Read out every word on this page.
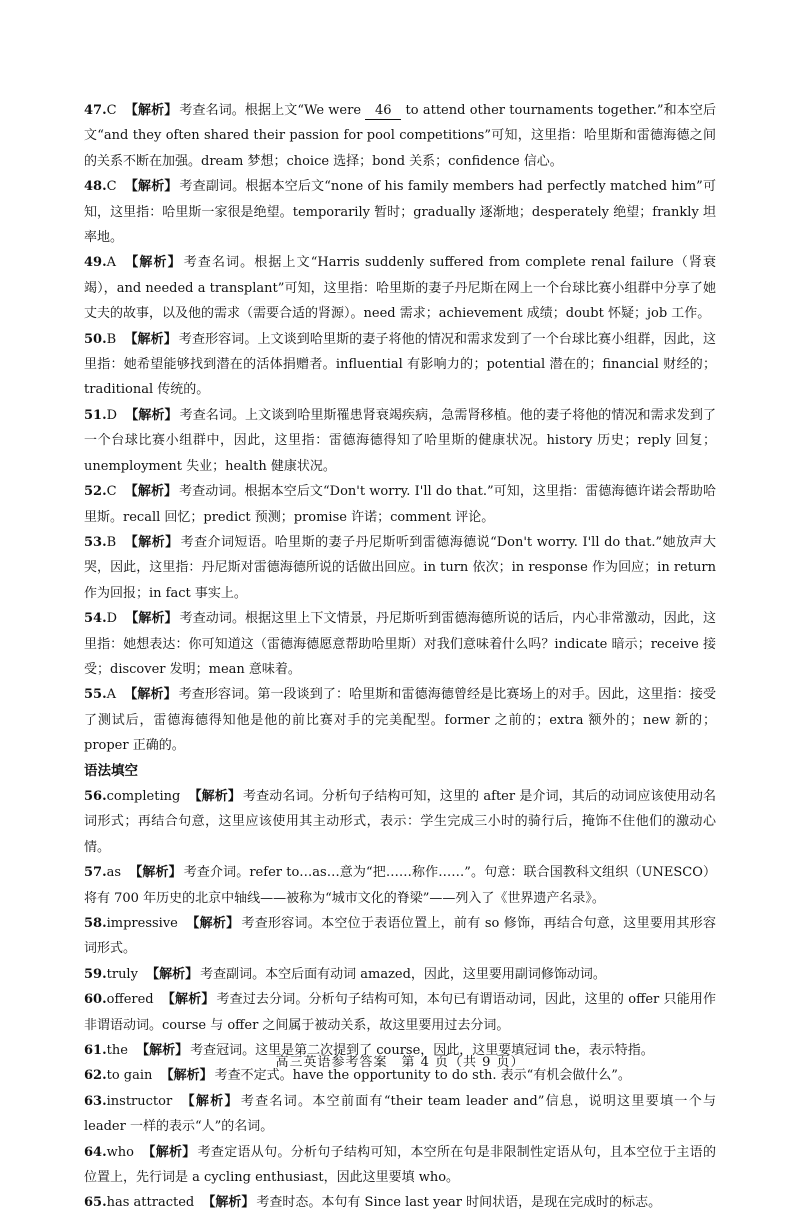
47.C 【解析】 考查名词。根据上文“We were 46 to attend other tournaments together.”和本空后文“and they often shared their passion for pool competitions”可知，这里指：哈里斯和雷德海德之间的关系不断在加强。dream 梦想；choice 选择；bond 关系；confidence 信心。

48.C 【解析】 考查副词。根据本空后文“none of his family members had perfectly matched him”可知，这里指：哈里斯一家很是绝望。temporarily 暂时；gradually 逐渐地；desperately 绝望；frankly 坦率地。

49.A 【解析】 考查名词。根据上文“Harris suddenly suffered from complete renal failure（肾衰竭），and needed a transplant”可知，这里指：哈里斯的妻子丹尼斯在网上一个台球比赛小组群中分享了她丈夫的故事，以及他的需求（需要合适的肾源）。need 需求；achievement 成绩；doubt 怀疑；job 工作。

50.B 【解析】 考查形容词。上文谈到哈里斯的妻子将他的情况和需求发到了一个台球比赛小组群，因此，这里指：她希望能够找到潜在的活体捐赠者。influential 有影响力的；potential 潜在的；financial 财经的；traditional 传统的。

51.D 【解析】 考查名词。上文谈到哈里斯罹患肾衰竭疾病，急需肾移植。他的妻子将他的情况和需求发到了一个台球比赛小组群中，因此，这里指：雷德海德得知了哈里斯的健康状况。history 历史；reply 回复；unemployment 失业；health 健康状况。

52.C 【解析】 考查动词。根据本空后文“Don't worry. I'll do that.”可知，这里指：雷德海德许诺会帮助哈里斯。recall 回忆；predict 预测；promise 许诺；comment 评论。

53.B 【解析】 考查介词短语。哈里斯的妻子丹尼斯听到雷德海德说“Don't worry. I'll do that.”她放声大哭，因此，这里指：丹尼斯对雷德海德所说的话做出回应。in turn 依次；in response 作为回应；in return 作为回报；in fact 事实上。

54.D 【解析】 考查动词。根据这里上下文情景，丹尼斯听到雷德海德所说的话后，内心非常激动，因此，这里指：她想表达：你可知道这（雷德海德愿意帮助哈里斯）对我们意味着什么吗？indicate 暗示；receive 接受；discover 发明；mean 意味着。

55.A 【解析】 考查形容词。第一段谈到了：哈里斯和雷德海德曾经是比赛场上的对手。因此，这里指：接受了测试后，雷德海德得知他是他的前比赛对手的完美配型。former 之前的；extra 额外的；new 新的；proper 正确的。

语法填空

56.completing 【解析】 考查动名词。分析句子结构可知，这里的 after 是介词，其后的动词应该使用动名词形式；再结合句意，这里应该使用其主动形式，表示：学生完成三小时的骑行后，掩饰不住他们的激动心情。

57.as 【解析】 考查介词。refer to…as…意为“把……称作……”。句意：联合国教科文组织（UNESCO）将有 700 年历史的北京中轴线——被称为“城市文化的脊梁”——列入了《世界遗产名录》。

58.impressive 【解析】 考查形容词。本空位于表语位置上，前有 so 修饰，再结合句意，这里要用其形容词形式。

59.truly 【解析】 考查副词。本空后面有动词 amazed，因此，这里要用副词修饰动词。

60.offered 【解析】 考查过去分词。分析句子结构可知，本句已有谓语动词，因此，这里的 offer 只能用作非谓语动词。course 与 offer 之间属于被动关系，故这里要用过去分词。

61.the 【解析】 考查冠词。这里是第二次提到了 course，因此，这里要填冠词 the，表示特指。

62.to gain 【解析】 考查不定式。have the opportunity to do sth. 表示“有机会做什么”。

63.instructor 【解析】 考查名词。本空前面有“their team leader and”信息，说明这里要填一个与 leader 一样的表示“人”的名词。

64.who 【解析】 考查定语从句。分析句子结构可知，本空所在句是非限制性定语从句，且本空位于主语的位置上，先行词是 a cycling enthusiast，因此这里要填 who。

65.has attracted 【解析】 考查时态。本句有 Since last year 时间状语，是现在完成时的标志。

高三英语参考答案　第 4 页（共 9 页）
